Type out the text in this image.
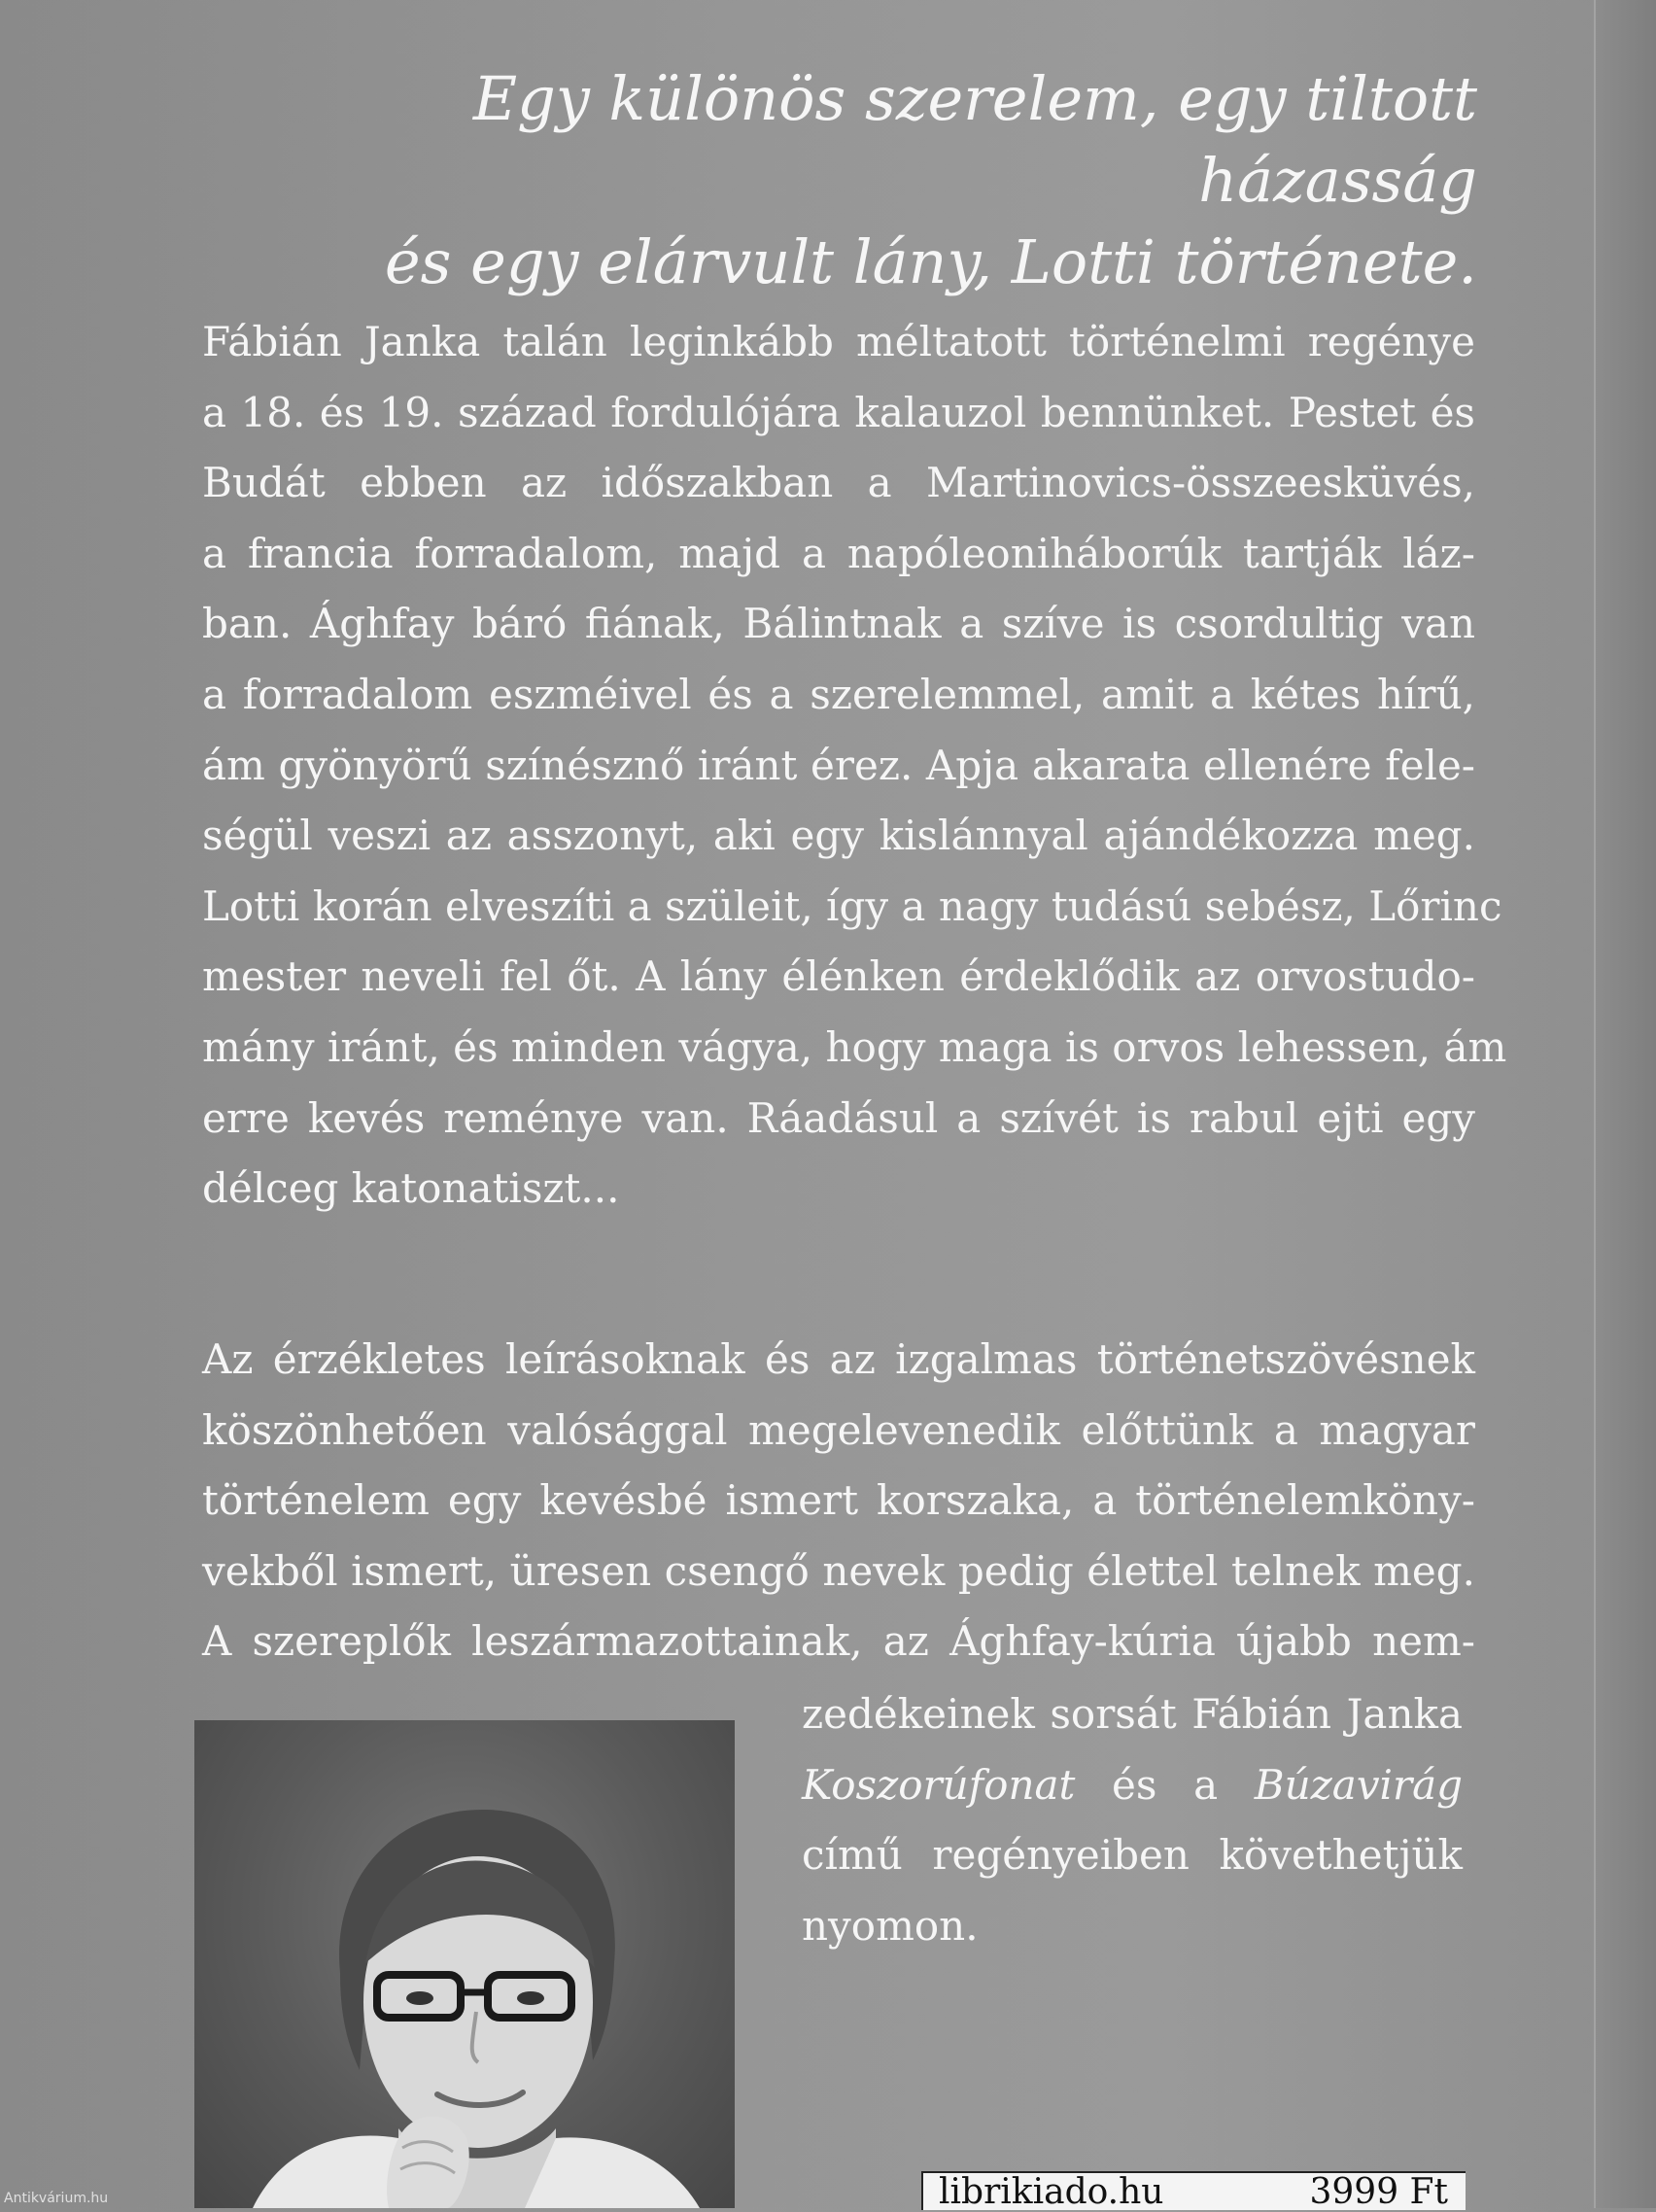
Egy különös szerelem, egy tiltott házasság
és egy elárvult lány, Lotti története.
Fábián Janka talán leginkább méltatott történelmi regénye
a 18. és 19. század fordulójára kalauzol bennünket. Pestet és
Budát ebben az időszakban a Martinovics-összeesküvés,
a francia forradalom, majd a napóleoniháborúk tartják láz-
ban. Ághfay báró fiának, Bálintnak a szíve is csordultig van
a forradalom eszméivel és a szerelemmel, amit a kétes hírű,
ám gyönyörű színésznő iránt érez. Apja akarata ellenére fele-
ségül veszi az asszonyt, aki egy kislánnyal ajándékozza meg.
Lotti korán elveszíti a szüleit, így a nagy tudású sebész, Lőrinc
mester neveli fel őt. A lány élénken érdeklődik az orvostudo-
mány iránt, és minden vágya, hogy maga is orvos lehessen, ám
erre kevés reménye van. Ráadásul a szívét is rabul ejti egy
délceg katonatiszt...
Az érzékletes leírásoknak és az izgalmas történetszövésnek
köszönhetően valósággal megelevenedik előttünk a magyar
történelem egy kevésbé ismert korszaka, a történelemköny-
vekből ismert, üresen csengő nevek pedig élettel telnek meg.
A szereplők leszármazottainak, az Ághfay-kúria újabb nem-
zedékeinek sorsát Fábián Janka
Koszorúfonat és a Búzavirág
című regényeiben követhetjük
nyomon.
librikiado.hu	3999 Ft
Antikvárium.hu
